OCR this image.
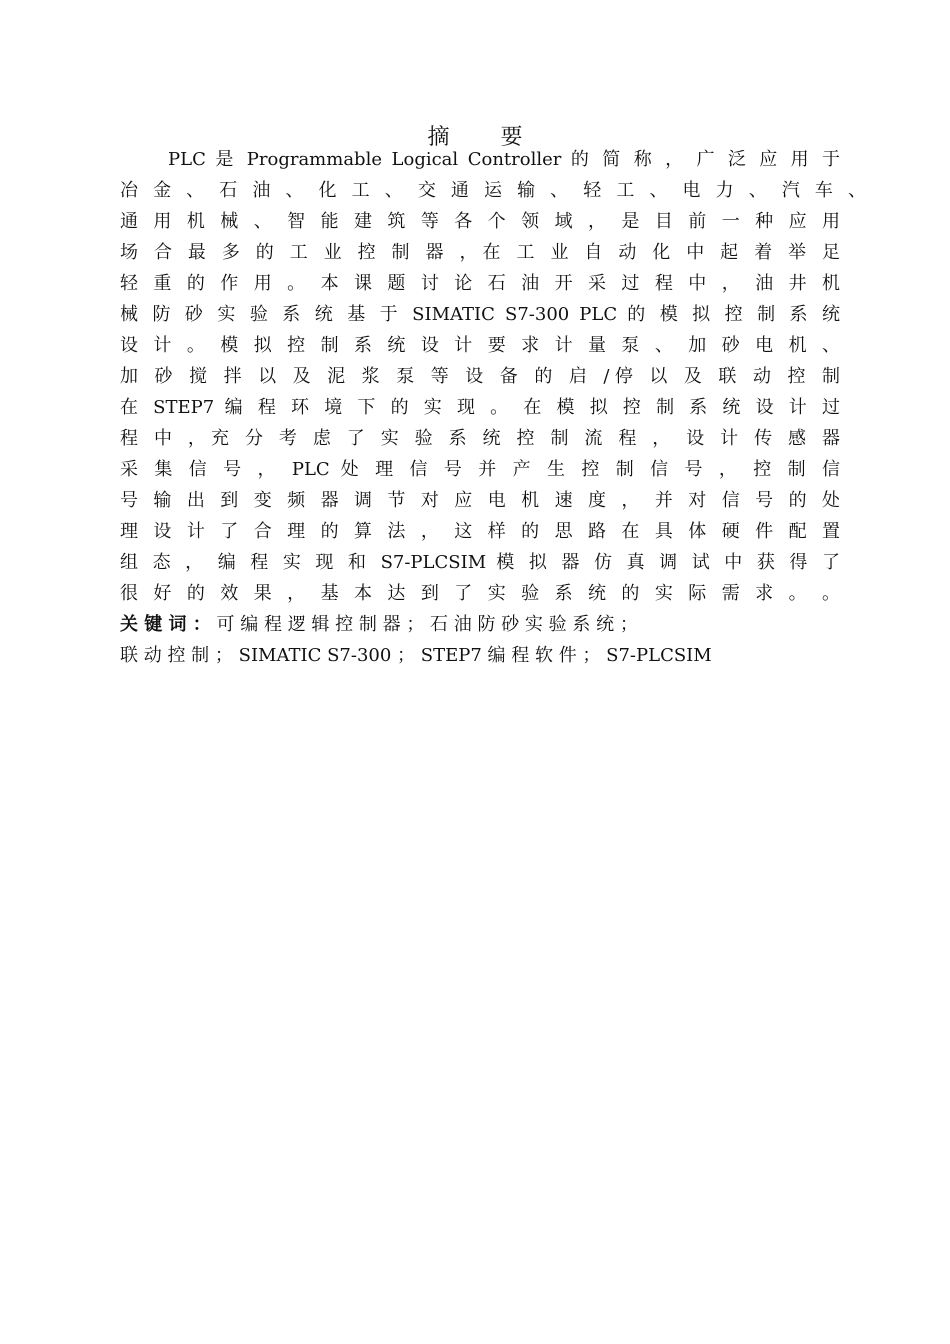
摘 要
PLC 是 Programmable Logical Controller 的 简 称 ， 广 泛 应 用 于
冶 金 、 石 油 、 化 工 、 交 通 运 输 、 轻 工 、 电 力 、 汽 车 、
通 用 机 械 、 智 能 建 筑 等 各 个 领 域 ， 是 目 前 一 种 应 用
场 合 最 多 的 工 业 控 制 器 ，在 工 业 自 动 化 中 起 着 举 足
轻 重 的 作 用 。 本 课 题 讨 论 石 油 开 采 过 程 中 ， 油 井 机
械 防 砂 实 验 系 统 基 于 SIMATIC S7-300 PLC 的 模 拟 控 制 系 统
设 计 。 模 拟 控 制 系 统 设 计 要 求 计 量 泵 、 加 砂 电 机 、
加 砂 搅 拌 以 及 泥 浆 泵 等 设 备 的 启 /停 以 及 联 动 控 制
在 STEP7 编 程 环 境 下 的 实 现 。 在 模 拟 控 制 系 统 设 计 过
程 中 ，充 分 考 虑 了 实 验 系 统 控 制 流 程 ， 设 计 传 感 器
采 集 信 号 ， PLC 处 理 信 号 并 产 生 控 制 信 号 ， 控 制 信
号 输 出 到 变 频 器 调 节 对 应 电 机 速 度 ， 并 对 信 号 的 处
理 设 计 了 合 理 的 算 法 ， 这 样 的 思 路 在 具 体 硬 件 配 置
组 态 ， 编 程 实 现 和 S7-PLCSIM 模 拟 器 仿 真 调 试 中 获 得 了
很 好 的 效 果 ， 基 本 达 到 了 实 验 系 统 的 实 际 需 求 。 。
关 键 词 ： 可 编 程 逻 辑 控 制 器 ； 石 油 防 砂 实 验 系 统 ；
联 动 控 制 ； SIMATIC S7-300 ； STEP7 编 程 软 件 ； S7-PLCSIM
